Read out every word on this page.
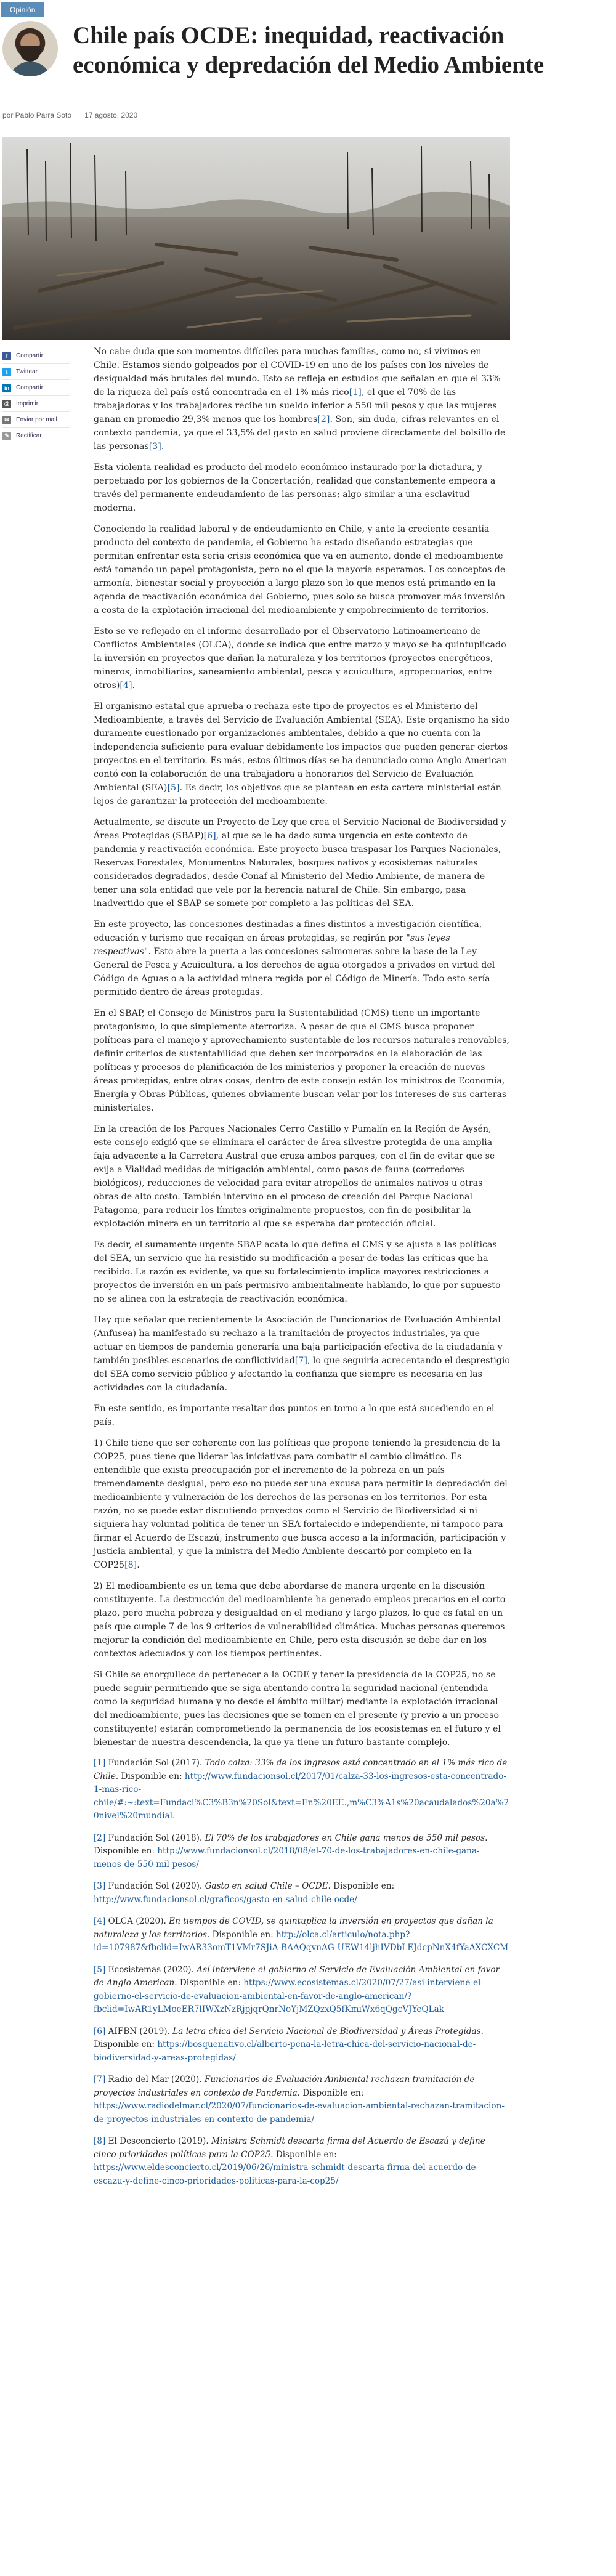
Opinión
Chile país OCDE: inequidad, reactivación económica y depredación del Medio Ambiente
por Pablo Parra Soto 17 agosto, 2020
f	Compartir
t	Twittear
in	Compartir
⎙	Imprimir
✉	Enviar por mail
✎	Rectificar

No cabe duda que son momentos difíciles para muchas familias, como no, si vivimos en Chile. Estamos siendo golpeados por el COVID-19 en uno de los países con los niveles de desigualdad más brutales del mundo. Esto se refleja en estudios que señalan en que el 33% de la riqueza del país está concentrada en el 1% más rico[1], el que el 70% de las trabajadoras y los trabajadores recibe un sueldo inferior a 550 mil pesos y que las mujeres ganan en promedio 29,3% menos que los hombres[2]. Son, sin duda, cifras relevantes en el contexto pandemia, ya que el 33,5% del gasto en salud proviene directamente del bolsillo de las personas[3].

Esta violenta realidad es producto del modelo económico instaurado por la dictadura, y perpetuado por los gobiernos de la Concertación, realidad que constantemente empeora a través del permanente endeudamiento de las personas; algo similar a una esclavitud moderna.

Conociendo la realidad laboral y de endeudamiento en Chile, y ante la creciente cesantía producto del contexto de pandemia, el Gobierno ha estado diseñando estrategias que permitan enfrentar esta seria crisis económica que va en aumento, donde el medioambiente está tomando un papel protagonista, pero no el que la mayoría esperamos. Los conceptos de armonía, bienestar social y proyección a largo plazo son lo que menos está primando en la agenda de reactivación económica del Gobierno, pues solo se busca promover más inversión a costa de la explotación irracional del medioambiente y empobrecimiento de territorios.

Esto se ve reflejado en el informe desarrollado por el Observatorio Latinoamericano de Conflictos Ambientales (OLCA), donde se indica que entre marzo y mayo se ha quintuplicado la inversión en proyectos que dañan la naturaleza y los territorios (proyectos energéticos, mineros, inmobiliarios, saneamiento ambiental, pesca y acuicultura, agropecuarios, entre otros)[4].

El organismo estatal que aprueba o rechaza este tipo de proyectos es el Ministerio del Medioambiente, a través del Servicio de Evaluación Ambiental (SEA). Este organismo ha sido duramente cuestionado por organizaciones ambientales, debido a que no cuenta con la independencia suficiente para evaluar debidamente los impactos que pueden generar ciertos proyectos en el territorio. Es más, estos últimos días se ha denunciado como Anglo American contó con la colaboración de una trabajadora a honorarios del Servicio de Evaluación Ambiental (SEA)[5]. Es decir, los objetivos que se plantean en esta cartera ministerial están lejos de garantizar la protección del medioambiente.

Actualmente, se discute un Proyecto de Ley que crea el Servicio Nacional de Biodiversidad y Áreas Protegidas (SBAP)[6], al que se le ha dado suma urgencia en este contexto de pandemia y reactivación económica. Este proyecto busca traspasar los Parques Nacionales, Reservas Forestales, Monumentos Naturales, bosques nativos y ecosistemas naturales considerados degradados, desde Conaf al Ministerio del Medio Ambiente, de manera de tener una sola entidad que vele por la herencia natural de Chile. Sin embargo, pasa inadvertido que el SBAP se somete por completo a las políticas del SEA.

En este proyecto, las concesiones destinadas a fines distintos a investigación científica, educación y turismo que recaigan en áreas protegidas, se regirán por "sus leyes respectivas". Esto abre la puerta a las concesiones salmoneras sobre la base de la Ley General de Pesca y Acuicultura, a los derechos de agua otorgados a privados en virtud del Código de Aguas o a la actividad minera regida por el Código de Minería. Todo esto sería permitido dentro de áreas protegidas.

En el SBAP, el Consejo de Ministros para la Sustentabilidad (CMS) tiene un importante protagonismo, lo que simplemente aterroriza. A pesar de que el CMS busca proponer políticas para el manejo y aprovechamiento sustentable de los recursos naturales renovables, definir criterios de sustentabilidad que deben ser incorporados en la elaboración de las políticas y procesos de planificación de los ministerios y proponer la creación de nuevas áreas protegidas, entre otras cosas, dentro de este consejo están los ministros de Economía, Energía y Obras Públicas, quienes obviamente buscan velar por los intereses de sus carteras ministeriales.

En la creación de los Parques Nacionales Cerro Castillo y Pumalín en la Región de Aysén, este consejo exigió que se eliminara el carácter de área silvestre protegida de una amplia faja adyacente a la Carretera Austral que cruza ambos parques, con el fin de evitar que se exija a Vialidad medidas de mitigación ambiental, como pasos de fauna (corredores biológicos), reducciones de velocidad para evitar atropellos de animales nativos u otras obras de alto costo. También intervino en el proceso de creación del Parque Nacional Patagonia, para reducir los límites originalmente propuestos, con fin de posibilitar la explotación minera en un territorio al que se esperaba dar protección oficial.

Es decir, el sumamente urgente SBAP acata lo que defina el CMS y se ajusta a las políticas del SEA, un servicio que ha resistido su modificación a pesar de todas las críticas que ha recibido. La razón es evidente, ya que su fortalecimiento implica mayores restricciones a proyectos de inversión en un país permisivo ambientalmente hablando, lo que por supuesto no se alinea con la estrategia de reactivación económica.

Hay que señalar que recientemente la Asociación de Funcionarios de Evaluación Ambiental (Anfusea) ha manifestado su rechazo a la tramitación de proyectos industriales, ya que actuar en tiempos de pandemia generaría una baja participación efectiva de la ciudadanía y también posibles escenarios de conflictividad[7], lo que seguiría acrecentando el desprestigio del SEA como servicio público y afectando la confianza que siempre es necesaria en las actividades con la ciudadanía.

En este sentido, es importante resaltar dos puntos en torno a lo que está sucediendo en el país.

1) Chile tiene que ser coherente con las políticas que propone teniendo la presidencia de la COP25, pues tiene que liderar las iniciativas para combatir el cambio climático. Es entendible que exista preocupación por el incremento de la pobreza en un país tremendamente desigual, pero eso no puede ser una excusa para permitir la depredación del medioambiente y vulneración de los derechos de las personas en los territorios. Por esta razón, no se puede estar discutiendo proyectos como el Servicio de Biodiversidad si ni siquiera hay voluntad política de tener un SEA fortalecido e independiente, ni tampoco para firmar el Acuerdo de Escazú, instrumento que busca acceso a la información, participación y justicia ambiental, y que la ministra del Medio Ambiente descartó por completo en la COP25[8].

2) El medioambiente es un tema que debe abordarse de manera urgente en la discusión constituyente. La destrucción del medioambiente ha generado empleos precarios en el corto plazo, pero mucha pobreza y desigualdad en el mediano y largo plazos, lo que es fatal en un país que cumple 7 de los 9 criterios de vulnerabilidad climática. Muchas personas queremos mejorar la condición del medioambiente en Chile, pero esta discusión se debe dar en los contextos adecuados y con los tiempos pertinentes.

Si Chile se enorgullece de pertenecer a la OCDE y tener la presidencia de la COP25, no se puede seguir permitiendo que se siga atentando contra la seguridad nacional (entendida como la seguridad humana y no desde el ámbito militar) mediante la explotación irracional del medioambiente, pues las decisiones que se tomen en el presente (y previo a un proceso constituyente) estarán comprometiendo la permanencia de los ecosistemas en el futuro y el bienestar de nuestra descendencia, la que ya tiene un futuro bastante complejo.

[1] Fundación Sol (2017). Todo calza: 33% de los ingresos está concentrado en el 1% más rico de Chile. Disponible en: http://www.fundacionsol.cl/2017/01/calza-33-los-ingresos-esta-concentrado-1-mas-rico-chile/#:~:text=Fundaci%C3%B3n%20Sol&text=En%20EE.,m%C3%A1s%20acaudalados%20a%20nivel%20mundial.
[2] Fundación Sol (2018). El 70% de los trabajadores en Chile gana menos de 550 mil pesos. Disponible en: http://www.fundacionsol.cl/2018/08/el-70-de-los-trabajadores-en-chile-gana-menos-de-550-mil-pesos/
[3] Fundación Sol (2020). Gasto en salud Chile – OCDE. Disponible en: http://www.fundacionsol.cl/graficos/gasto-en-salud-chile-ocde/
[4] OLCA (2020). En tiempos de COVID, se quintuplica la inversión en proyectos que dañan la naturaleza y los territorios. Disponible en: http://olca.cl/articulo/nota.php?id=107987&fbclid=IwAR33omT1VMr7SJiA-BAAQqvnAG-UEW14ljhIVDbLEJdcpNnX4fYaAXCXCM
[5] Ecosistemas (2020). Así interviene el gobierno el Servicio de Evaluación Ambiental en favor de Anglo American. Disponible en: https://www.ecosistemas.cl/2020/07/27/asi-interviene-el-gobierno-el-servicio-de-evaluacion-ambiental-en-favor-de-anglo-american/?fbclid=IwAR1yLMoeER7lIWXzNzRjpjqrQnrNoYjMZQzxQ5fKmiWx6qQgcVJYeQLak
[6] AIFBN (2019). La letra chica del Servicio Nacional de Biodiversidad y Áreas Protegidas. Disponible en: https://bosquenativo.cl/alberto-pena-la-letra-chica-del-servicio-nacional-de-biodiversidad-y-areas-protegidas/
[7] Radio del Mar (2020). Funcionarios de Evaluación Ambiental rechazan tramitación de proyectos industriales en contexto de Pandemia. Disponible en: https://www.radiodelmar.cl/2020/07/funcionarios-de-evaluacion-ambiental-rechazan-tramitacion-de-proyectos-industriales-en-contexto-de-pandemia/
[8] El Desconcierto (2019). Ministra Schmidt descarta firma del Acuerdo de Escazú y define cinco prioridades políticas para la COP25. Disponible en: https://www.eldesconcierto.cl/2019/06/26/ministra-schmidt-descarta-firma-del-acuerdo-de-escazu-y-define-cinco-prioridades-politicas-para-la-cop25/
